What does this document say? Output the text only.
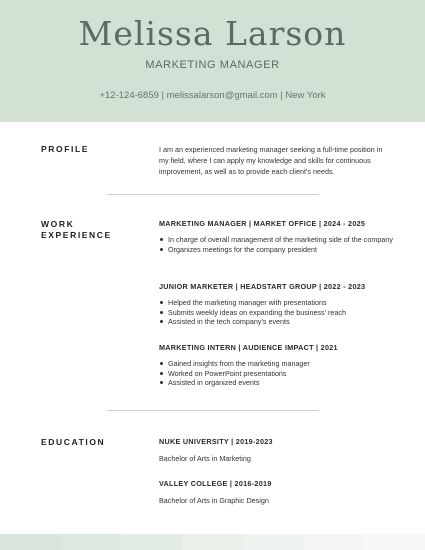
Melissa Larson
MARKETING MANAGER
+12-124-6859 | melissalarson@gmail.com | New York
PROFILE	I am an experienced marketing manager seeking a full-time position in my field, where I can apply my knowledge and skills for continuous improvement, as well as to provide each client's needs.
WORK
EXPERIENCE
MARKETING MANAGER | MARKET OFFICE | 2024 - 2025
In charge of overall management of the marketing side of the company
Organizes meetings for the company president
JUNIOR MARKETER | HEADSTART GROUP | 2022 - 2023
Helped the marketing manager with presentations
Submits weekly ideas on expanding the business' reach
Assisted in the tech company's events
MARKETING INTERN | AUDIENCE IMPACT | 2021
Gained insights from the marketing manager
Worked on PowerPoint presentations
Assisted in organized events
EDUCATION	NUKE UNIVERSITY | 2019-2023
Bachelor of Arts in Marketing
VALLEY COLLEGE | 2016-2019
Bachelor of Arts in Graphic Design
